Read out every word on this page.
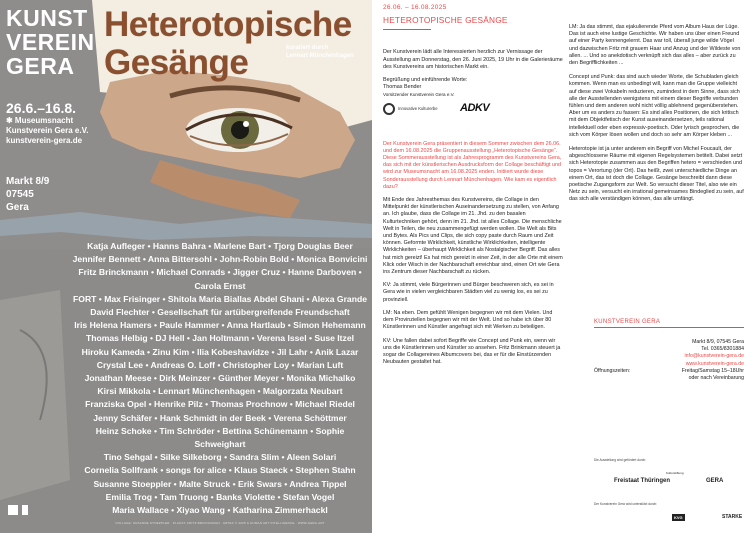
KUNST
VEREIN
GERA
Heterotopische
Gesänge	kuratiert durch
Lennart Münchenhagen
26.6.–16.8.
✱ Museumsnacht
Kunstverein Gera e.V.
kunstverein-gera.de
Markt 8/9
07545
Gera
Katja Aufleger • Hanns Bahra • Marlene Bart • Tjorg Douglas Beer
Jennifer Bennett • Anna Bittersohl • John-Robin Bold • Monica Bonvicini
Fritz Brinckmann • Michael Conrads • Jigger Cruz • Hanne Darboven • Carola Ernst
FORT • Max Frisinger • Shitola Maria Biallas Abdel Ghani • Alexa Grande
David Flechter • Gesellschaft für artübergreifende Freundschaft
Iris Helena Hamers • Paule Hammer • Anna Hartlaub • Simon Hehemann
Thomas Helbig • DJ Hell • Jan Holtmann • Verena Issel • Suse Itzel
Hiroku Kameda • Zinu Kim • Ilia Kobeshavidze • Jil Lahr • Anik Lazar
Crystal Lee • Andreas O. Loff • Christopher Loy • Marian Luft
Jonathan Meese • Dirk Meinzer • Günther Meyer • Monika Michalko
Kirsi Mikkola • Lennart Münchenhagen • Malgorzata Neubart
Franziska Opel • Henrike Pilz • Thomas Prochnow • Michael Riedel
Jenny Schäfer • Hank Schmidt in der Beek • Verena Schöttmer
Heinz Schoke • Tim Schröder • Bettina Schünemann • Sophie Schweighart
Tino Sehgal • Silke Silkeborg • Sandra Slim • Aleen Solari
Cornelia Sollfrank • songs for alice • Klaus Staeck • Stephen Stahn
Susanne Stoeppler • Malte Struck • Erik Swars • Andrea Tippel
Emilia Trog • Tam Truong • Banks Violette • Stefan Vogel
Maria Wallace • Xiyao Wang • Katharina Zimmerhackl
COLLAGE: SUSANNE STOEPPLER · PLAKAT: FRITZ BRINCKMANN · ARTEX © 2025 & HUMAN ART INTELLIGENCE · WWW.GERA.ART
26.06. – 16.08.2025
HETEROTOPISCHE GESÄNGE

Der Kunstverein lädt alle Interessierten herzlich zur Vernissage der Ausstellung am Donnerstag, den 26. Juni 2025, 19 Uhr in die Galerieräume des Kunstvereins am historischen Markt ein.

Begrüßung und einführende Worte:
Thomas Bender
Vorsitzender Kunstverein Gera e.V.
Innovative Kulturerbe ADKV

Der Kunstverein Gera präsentiert in diesem Sommer zwischen dem 26.06. und dem 16.08.2025 die Gruppenausstellung „Heterotopische Gesänge“. Diese Sommerausstellung ist als Jahresprogramm des Kunstvereins Gera, das sich mit der künstlerischen Ausdrucksform der Collage beschäftigt und wird zur Museumsnacht am 16.08.2025 enden. Initiiert wurde diese Sonderausstellung durch Lennart Münchenhagen. Wie kam es eigentlich dazu?

Mit Ende des Jahresthemas des Kunstvereins, die Collage in den Mittelpunkt der künstlerischen Auseinandersetzung zu stellen, von Anfang an. Ich glaube, dass die Collage im 21. Jhd. zu den basalen Kulturtechniken gehört, denn im 21. Jhd. ist alles Collage. Die menschliche Welt in Teilen, die neu zusammengefügt werden wollen. Die Welt als Bits und Bytes. Als Pics und Clips, die sich copy paste durch Raum und Zeit können. Geformte Wirklichkeit, künstliche Wirklichkeiten, intelligente Wirklichkeiten – überhaupt Wirklichkeit als Nostalgischer Begriff. Das alles hat mich gereizt! Es hat mich gereizt in einer Zeit, in der alle Orte mit einem Klick oder Wisch in der Nachbarschaft erreichbar sind, einen Ort wie Gera ins Zentrum dieser Nachbarschaft zu rücken.

KV: Ja stimmt, viele Bürgerinnen und Bürger beschweren sich, es sei in Gera wie in vielen vergleichbaren Städten viel zu wenig los, es sei zu provinziell.

LM: Na eben. Dem gefühlt Wenigen begegnen wir mit dem Vielen. Und dem Provinziellen begegnen wir mit der Welt. Und so habe ich über 80 Künstlerinnen und Künstler angefragt sich mit Werken zu beteiligen.

KV: Une fallen dabei sofort Begriffe wie Concept und Punk ein, wenn wir uns die Künstlerinnen und Künstler so ansehen. Fritz Brinkmann steuert ja sogar die Collagereines Albumcovers bei, das er für die Einstürzenden Neubauten gestaltet hat.

LM: Ja das stimmt, das ejakulierende Pferd vom Album Haus der Lüge. Das ist auch eine lustige Geschichte. Wir haben uns über einen Freund auf einer Party kennengelernt. Das war toll, überall junge wilde Vögel und dazwischen Fritz mit grauem Haar und Anzug und der Wildeste von allen. ... Und so anekdotisch verknüpft sich das alles – aber zurück zu den Begrifflichkeiten ...

Concept und Punk: das sind auch wieder Worte, die Schubladen gleich kommen. Wenn man es unbedingt will, kann man die Gruppe vielleicht auf diese zwei Vokabeln reduzieren, zumindest in dem Sinne, dass sich alle der Ausstellenden wenigstens mit einem dieser Begriffe verbunden fühlen und dem anderen wohl nicht völlig ablehnend gegenüberstehen. Aber um es anders zu fassen: Es sind alles Positionen, die sich kritisch mit dem Objektfetisch der Kunst auseinandersetzen, teils rational intellektuell oder eben expressiv-poetisch. Oder lyrisch gesprochen, die sich vom Körper lösen wollen und doch so sehr am Körper kleben ...

Heterotopie ist ja unter anderem ein Begriff von Michel Foucault, der abgeschlossene Räume mit eigenen Regelsystemen betitelt. Dabei setzt sich Heterotopie zusammen aus den Begriffen hetero = verschieden und topos = Verortung (der Ort). Das heißt, zwei unterschiedliche Dinge an einem Ort, das ist doch die Collage. Gesänge beschreibt dann diese poetische Zugangsform zur Welt. So versucht dieser Titel, also wie ein Netz zu sein, versucht ein irrational gemeinsames Bindeglied zu sein, auf das sich alle verständigen können, das alle umfängt.

KUNSTVEREIN GERA
Markt 8/9, 07545 Gera
Tel. 0365/8301884
info@kunstverein-gera.de
www.kunstverein-gera.de
Öffnungszeiten:	Freitag/Samstag 15–18Uhr
oder nach Vereinbarung
Die Ausstellung wird gefördert durch:
Freistaat Thüringen
Kulturstiftung
GERA
Der Kunstverein Gera wird unterstützt durch:
KVG	STARKE
